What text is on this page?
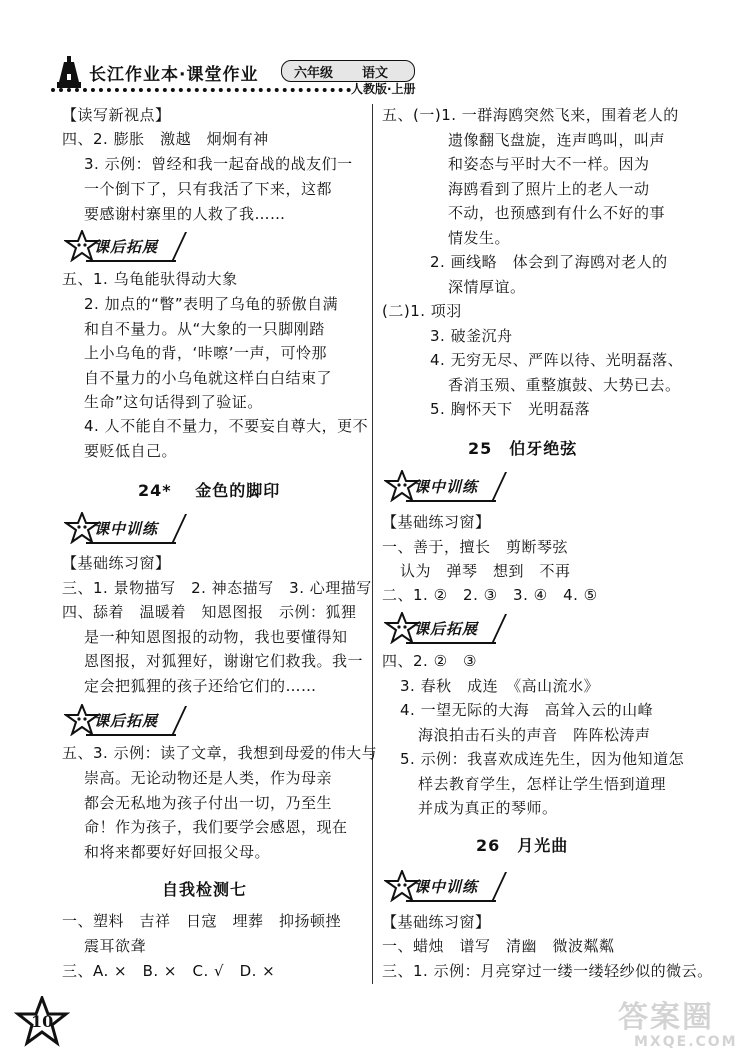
长江作业本·课堂作业	六年级 语文
人教版·上册
【读写新视点】
四、2. 膨胀　激越　炯炯有神
3. 示例：曾经和我一起奋战的战友们一
一个倒下了，只有我活了下来，这都
要感谢村寨里的人救了我……
课后拓展
五、1. 乌龟能驮得动大象
2. 加点的“瞥”表明了乌龟的骄傲自满
和自不量力。从“大象的一只脚刚踏
上小乌龟的背，‘咔嚓’一声，可怜那
自不量力的小乌龟就这样白白结束了
生命”这句话得到了验证。
4. 人不能自不量力，不要妄自尊大，更不
要贬低自己。
24* 　金色的脚印
课中训练
【基础练习窗】
三、1. 景物描写　2. 神态描写　3. 心理描写
四、舔着　温暖着　知恩图报　示例：狐狸
是一种知恩图报的动物，我也要懂得知
恩图报，对狐狸好，谢谢它们救我。我一
定会把狐狸的孩子还给它们的……
课后拓展
五、3. 示例：读了文章，我想到母爱的伟大与
崇高。无论动物还是人类，作为母亲
都会无私地为孩子付出一切，乃至生
命！作为孩子，我们要学会感恩，现在
和将来都要好好回报父母。
自我检测七
一、塑料　吉祥　日寇　埋葬　抑扬顿挫
震耳欲聋
三、A. ×　B. ×　C. √　D. ×
五、(一)1. 一群海鸥突然飞来，围着老人的
遗像翻飞盘旋，连声鸣叫，叫声
和姿态与平时大不一样。因为
海鸥看到了照片上的老人一动
不动，也预感到有什么不好的事
情发生。
2. 画线略　体会到了海鸥对老人的
深情厚谊。
(二)1. 项羽
3. 破釜沉舟
4. 无穷无尽、严阵以待、光明磊落、
香消玉殒、重整旗鼓、大势已去。
5. 胸怀天下　光明磊落
25　伯牙绝弦
课中训练
【基础练习窗】
一、善于，擅长　剪断琴弦
认为　弹琴　想到　不再
二、1. ②　2. ③　3. ④　4. ⑤
课后拓展
四、2. ②　③
3. 春秋　成连　《高山流水》
4. 一望无际的大海　高耸入云的山峰
海浪拍击石头的声音　阵阵松涛声
5. 示例：我喜欢成连先生，因为他知道怎
样去教育学生，怎样让学生悟到道理
并成为真正的琴师。
26　月光曲
课中训练
【基础练习窗】
一、蜡烛　谱写　清幽　微波粼粼
三、1. 示例：月亮穿过一缕一缕轻纱似的微云。
10	答案圈
MXQE.COM
